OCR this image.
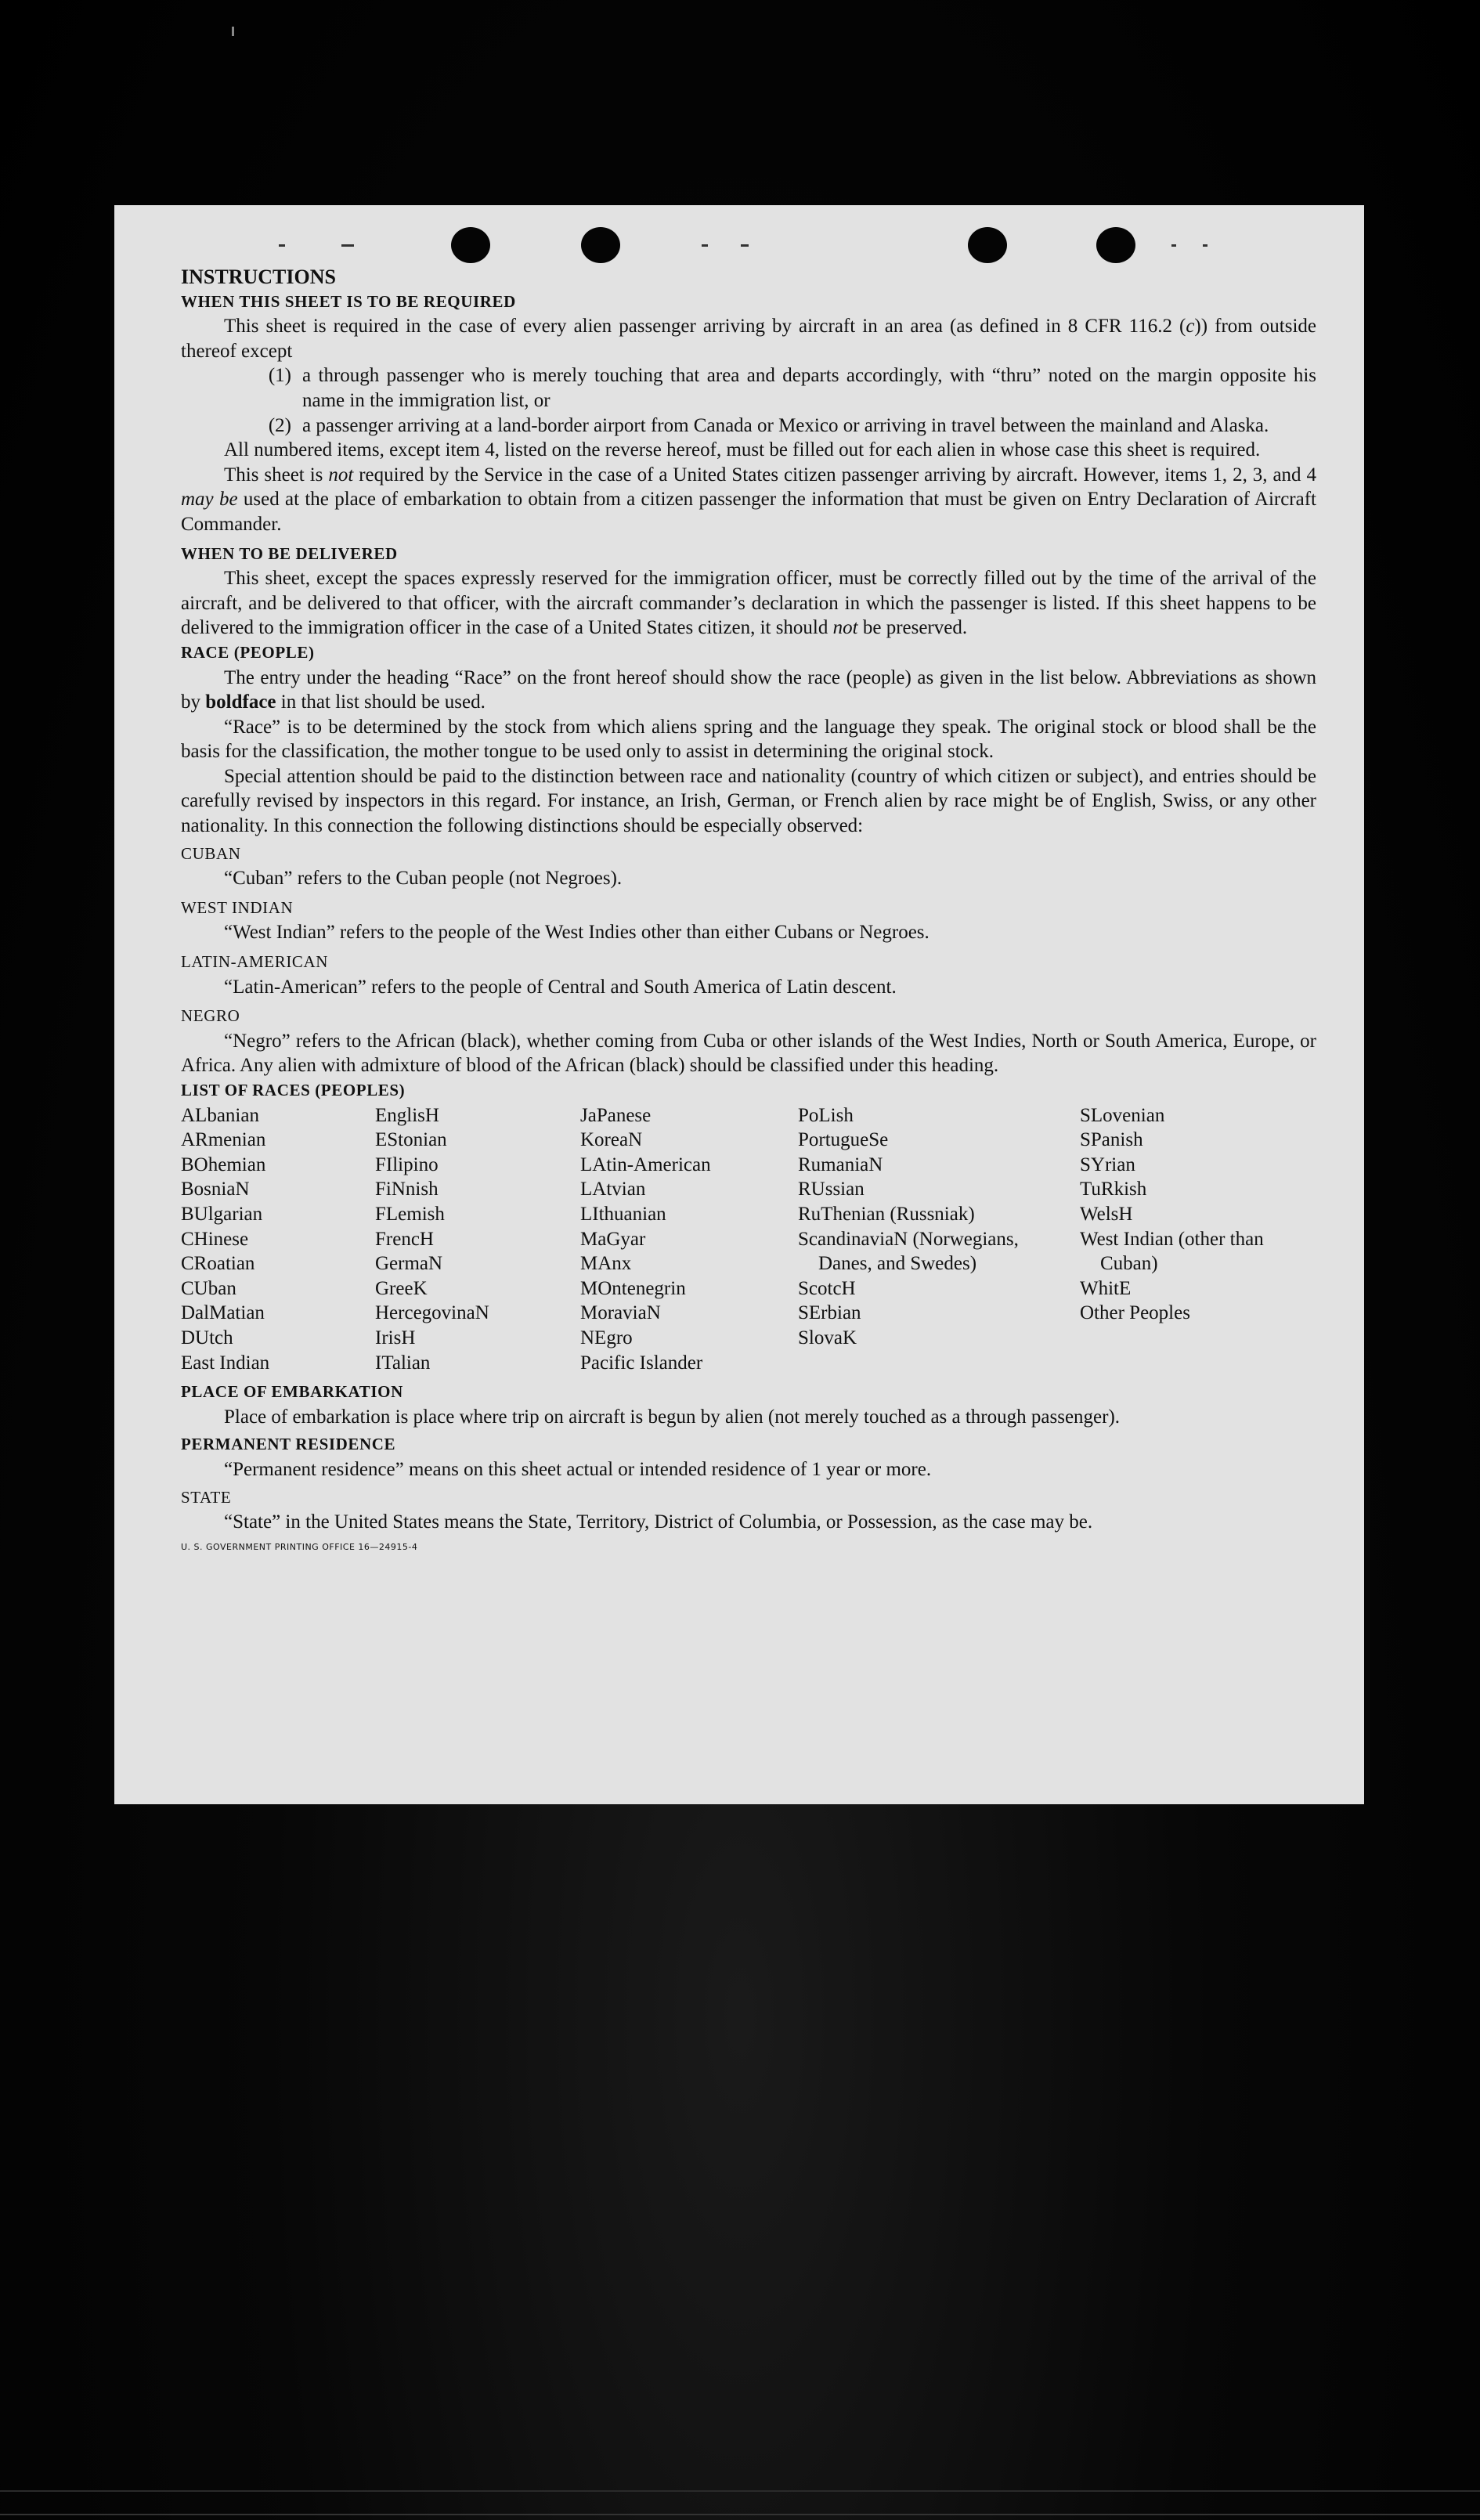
INSTRUCTIONS

WHEN THIS SHEET IS TO BE REQUIRED

This sheet is required in the case of every alien passenger arriving by aircraft in an area (as defined in 8 CFR 116.2 (c)) from outside thereof except

(1) a through passenger who is merely touching that area and departs accordingly, with “thru” noted on the margin opposite his name in the immigration list, or
(2) a passenger arriving at a land-border airport from Canada or Mexico or arriving in travel between the mainland and Alaska.

All numbered items, except item 4, listed on the reverse hereof, must be filled out for each alien in whose case this sheet is required.

This sheet is not required by the Service in the case of a United States citizen passenger arriving by aircraft. However, items 1, 2, 3, and 4 may be used at the place of embarkation to obtain from a citizen passenger the information that must be given on Entry Declaration of Aircraft Commander.

WHEN TO BE DELIVERED

This sheet, except the spaces expressly reserved for the immigration officer, must be correctly filled out by the time of the arrival of the aircraft, and be delivered to that officer, with the aircraft commander’s declaration in which the passenger is listed. If this sheet happens to be delivered to the immigration officer in the case of a United States citizen, it should not be preserved.

RACE (PEOPLE)

The entry under the heading “Race” on the front hereof should show the race (people) as given in the list below. Abbreviations as shown by boldface in that list should be used.

“Race” is to be determined by the stock from which aliens spring and the language they speak. The original stock or blood shall be the basis for the classification, the mother tongue to be used only to assist in determining the original stock.

Special attention should be paid to the distinction between race and nationality (country of which citizen or subject), and entries should be carefully revised by inspectors in this regard. For instance, an Irish, German, or French alien by race might be of English, Swiss, or any other nationality. In this connection the following distinctions should be especially observed:

CUBAN

“Cuban” refers to the Cuban people (not Negroes).

WEST INDIAN

“West Indian” refers to the people of the West Indies other than either Cubans or Negroes.

LATIN-AMERICAN

“Latin-American” refers to the people of Central and South America of Latin descent.

NEGRO

“Negro” refers to the African (black), whether coming from Cuba or other islands of the West Indies, North or South America, Europe, or Africa. Any alien with admixture of blood of the African (black) should be classified under this heading.

LIST OF RACES (PEOPLES)

ALbanian
ARmenian
BOhemian
BosniaN
BUlgarian
CHinese
CRoatian
CUban
DalMatian
DUtch
East Indian
EnglisH
EStonian
FIlipino
FiNnish
FLemish
FrencH
GermaN
GreeK
HercegovinaN
IrisH
ITalian
JaPanese
KoreaN
LAtin-American
LAtvian
LIthuanian
MaGyar
MAnx
MOntenegrin
MoraviaN
NEgro
Pacific Islander
PoLish
PortugueSe
RumaniaN
RUssian
RuThenian (Russniak)
ScandinaviaN (Norwegians, Danes, and Swedes)
ScotcH
SErbian
SlovaK
SLovenian
SPanish
SYrian
TuRkish
WelsH
West Indian (other than Cuban)
WhitE
Other Peoples

PLACE OF EMBARKATION

Place of embarkation is place where trip on aircraft is begun by alien (not merely touched as a through passenger).

PERMANENT RESIDENCE

“Permanent residence” means on this sheet actual or intended residence of 1 year or more.

STATE

“State” in the United States means the State, Territory, District of Columbia, or Possession, as the case may be.

U. S. GOVERNMENT PRINTING OFFICE 16—24915-4
